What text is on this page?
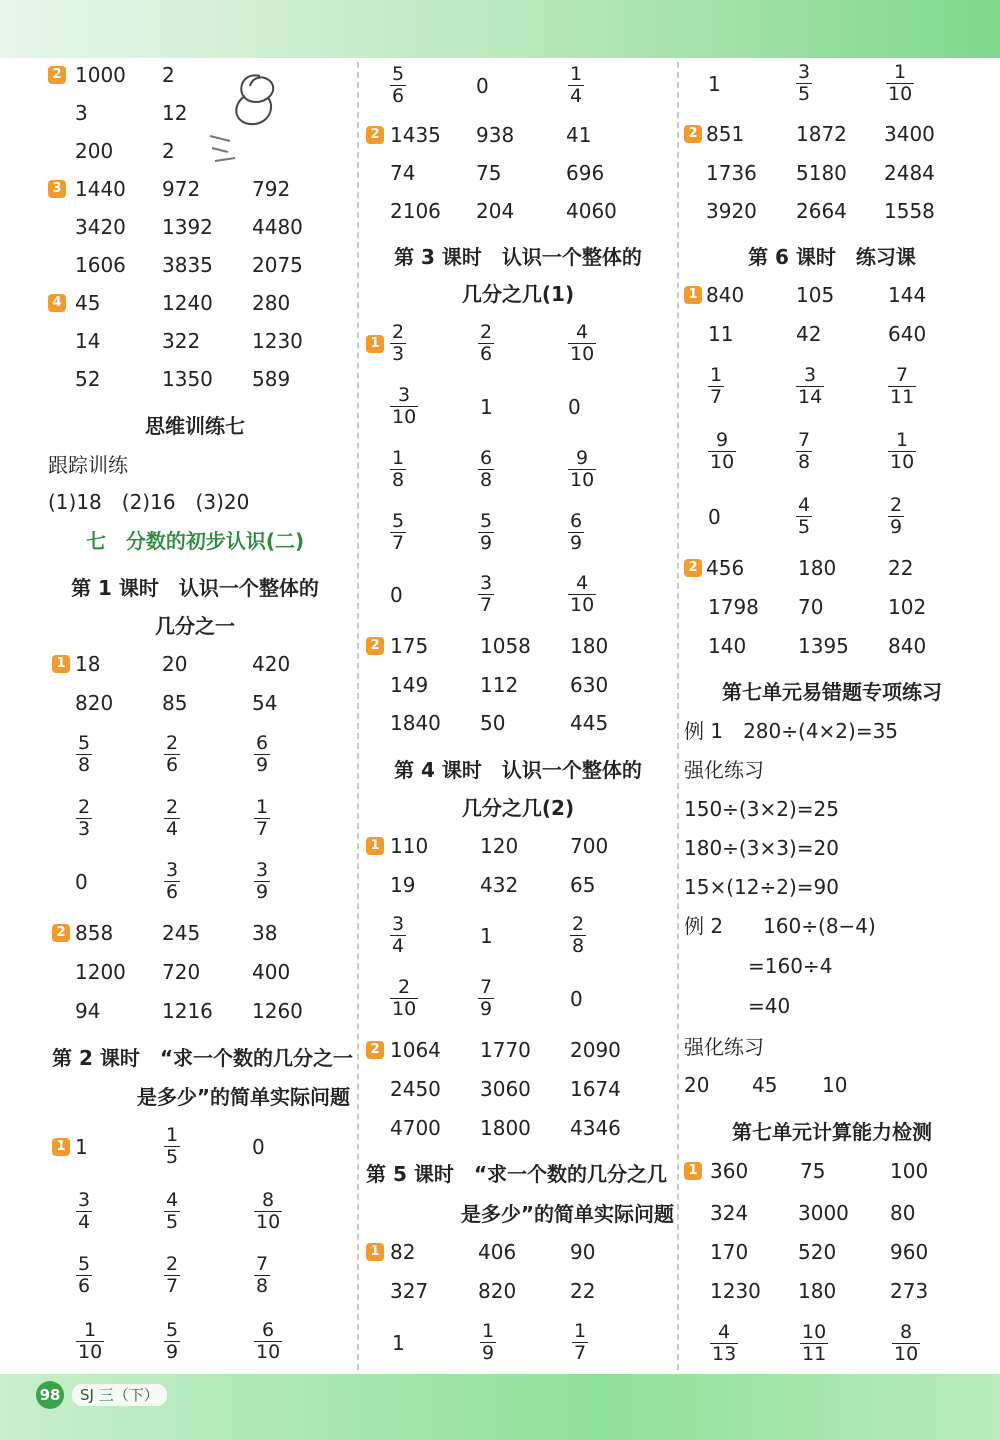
2 1000 2
3	12
200 2
3 1440 972	792
3420 1392 4480
1606 3835 2075
4 45	1240 280
14	322	1230
52	1350 589
思维训练七
跟踪训练
(1)18　(2)16　(3)20
七　分数的初步认识(二)
第 1 课时　认识一个整体的
几分之一
1 18	20	420
820 85	54
$\frac{5}{8}$	$\frac{2}{6}$	$\frac{6}{9}$
$\frac{2}{3}$	$\frac{2}{4}$	$\frac{1}{7}$
0	$\frac{3}{6}$	$\frac{3}{9}$
2 858 245	38
1200 720	400
94	1216 1260
第 2 课时　“求一个数的几分之一
是多少”的简单实际问题
1 1	$\frac{1}{5}$	0
$\frac{3}{4}$	$\frac{4}{5}$	$\frac{8}{10}$
$\frac{5}{6}$	$\frac{2}{7}$	$\frac{7}{8}$
$\frac{1}{10}$	$\frac{5}{9}$	$\frac{6}{10}$
$\frac{5}{6}$	0	$\frac{1}{4}$
2 1435 938	41
74	75	696
2106 204	4060
第 3 课时　认识一个整体的
几分之几(1)
$1 \frac{2}{3}$	$\frac{2}{6}$	$\frac{4}{10}$
$\frac{3}{10}$	1	0
$\frac{1}{8}$	$\frac{6}{8}$	$\frac{9}{10}$
$\frac{5}{7}$	$\frac{5}{9}$	$\frac{6}{9}$
0	$\frac{3}{7}$	$\frac{4}{10}$
2 175	1058 180
149	112	630
1840 50	445
第 4 课时　认识一个整体的
几分之几(2)
1 110	120	700
19	432	65
$\frac{3}{4}$	1	$\frac{2}{8}$
$\frac{2}{10}$	$\frac{7}{9}$	0
2 1064 1770 2090
2450 3060 1674
4700 1800 4346
第 5 课时　“求一个数的几分之几
是多少”的简单实际问题
1 82	406	90
327 820	22
1	$\frac{1}{9}$	$\frac{1}{7}$
1	$\frac{3}{5}$	$\frac{1}{10}$
2 851	1872 3400
1736 5180 2484
3920 2664 1558
第 6 课时　练习课
1 840	105	144
11	42	640
$\frac{1}{7}$	$\frac{3}{14}$	$\frac{7}{11}$
$\frac{9}{10}$	$\frac{7}{8}$	$\frac{1}{10}$
0	$\frac{4}{5}$	$\frac{2}{9}$
2 456	180	22
1798 70	102
140	1395 840
第七单元易错题专项练习
例 1　280÷(4×2)=35
强化练习
150÷(3×2)=25
180÷(3×3)=20
15×(12÷2)=90
例 2　　160÷(8−4)
=160÷4
=40
强化练习
20 45 10
第七单元计算能力检测
1 360	75	100
324 3000 80
170 520	960
1230 180	273
$\frac{4}{13}$	$\frac{10}{11}$	$\frac{8}{10}$
98	SJ 三（下）
